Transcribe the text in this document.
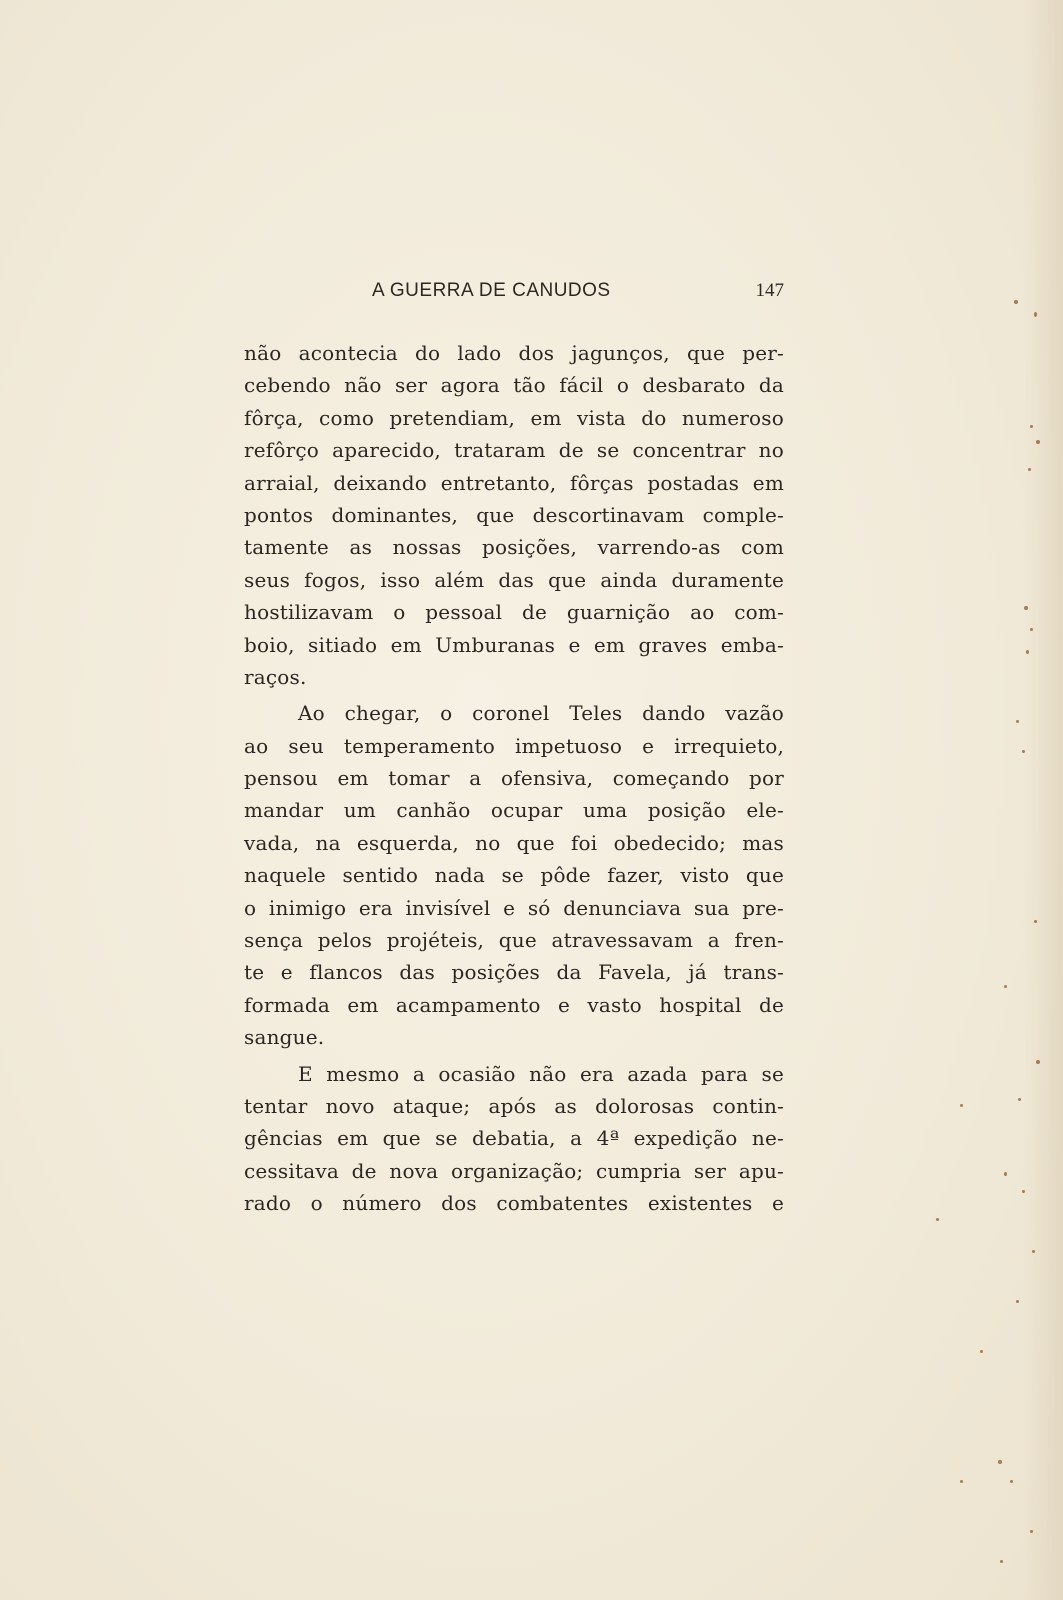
A GUERRA DE CANUDOS	147

não acontecia do lado dos jagunços, que per-
cebendo não ser agora tão fácil o desbarato da
fôrça, como pretendiam, em vista do numeroso
refôrço aparecido, trataram de se concentrar no
arraial, deixando entretanto, fôrças postadas em
pontos dominantes, que descortinavam comple-
tamente as nossas posições, varrendo-as com
seus fogos, isso além das que ainda duramente
hostilizavam o pessoal de guarnição ao com-
boio, sitiado em Umburanas e em graves emba-
raços.

Ao chegar, o coronel Teles dando vazão
ao seu temperamento impetuoso e irrequieto,
pensou em tomar a ofensiva, começando por
mandar um canhão ocupar uma posição ele-
vada, na esquerda, no que foi obedecido; mas
naquele sentido nada se pôde fazer, visto que
o inimigo era invisível e só denunciava sua pre-
sença pelos projéteis, que atravessavam a fren-
te e flancos das posições da Favela, já trans-
formada em acampamento e vasto hospital de
sangue.

E mesmo a ocasião não era azada para se
tentar novo ataque; após as dolorosas contin-
gências em que se debatia, a 4ª expedição ne-
cessitava de nova organização; cumpria ser apu-
rado o número dos combatentes existentes e
